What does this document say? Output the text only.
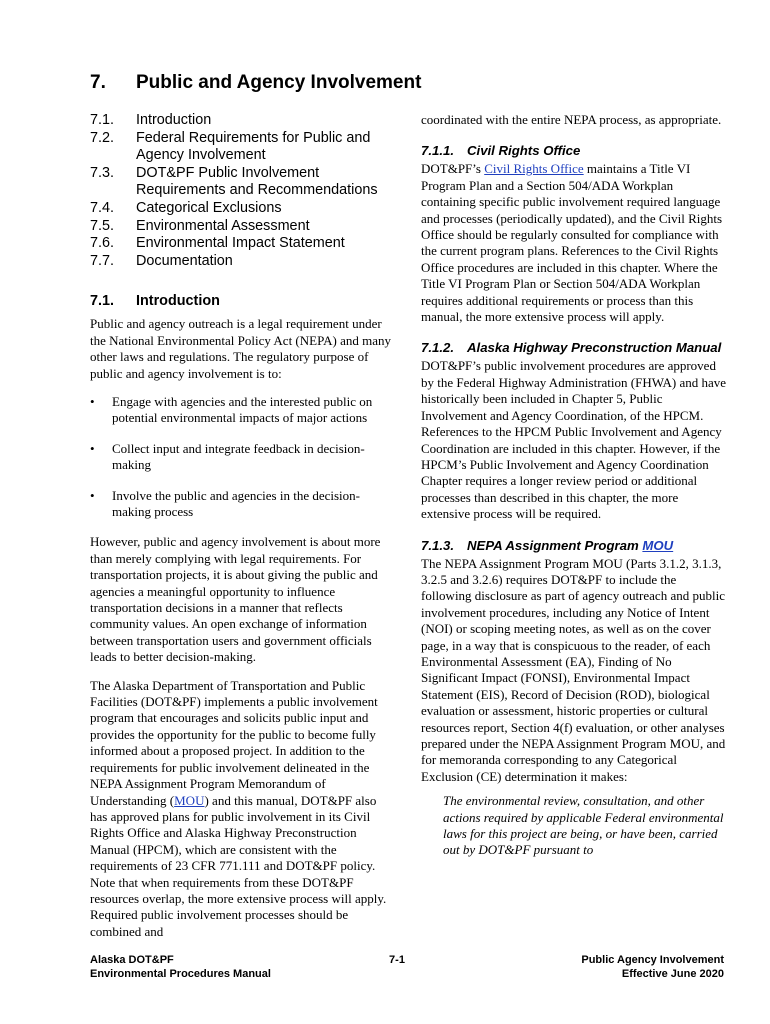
7. Public and Agency Involvement
7.1. Introduction
7.2. Federal Requirements for Public and Agency Involvement
7.3. DOT&PF Public Involvement Requirements and Recommendations
7.4. Categorical Exclusions
7.5. Environmental Assessment
7.6. Environmental Impact Statement
7.7. Documentation
7.1. Introduction

Public and agency outreach is a legal requirement under the National Environmental Policy Act (NEPA) and many other laws and regulations. The regulatory purpose of public and agency involvement is to:

• Engage with agencies and the interested public on potential environmental impacts of major actions
• Collect input and integrate feedback in decision-making
• Involve the public and agencies in the decision-making process

However, public and agency involvement is about more than merely complying with legal requirements. For transportation projects, it is about giving the public and agencies a meaningful opportunity to influence transportation decisions in a manner that reflects community values. An open exchange of information between transportation users and government officials leads to better decision-making.

The Alaska Department of Transportation and Public Facilities (DOT&PF) implements a public involvement program that encourages and solicits public input and provides the opportunity for the public to become fully informed about a proposed project. In addition to the requirements for public involvement delineated in the NEPA Assignment Program Memorandum of Understanding (MOU) and this manual, DOT&PF also has approved plans for public involvement in its Civil Rights Office and Alaska Highway Preconstruction Manual (HPCM), which are consistent with the requirements of 23 CFR 771.111 and DOT&PF policy. Note that when requirements from these DOT&PF resources overlap, the more extensive process will apply. Required public involvement processes should be combined and

coordinated with the entire NEPA process, as appropriate.

7.1.1. Civil Rights Office

DOT&PF’s Civil Rights Office maintains a Title VI Program Plan and a Section 504/ADA Workplan containing specific public involvement required language and processes (periodically updated), and the Civil Rights Office should be regularly consulted for compliance with the current program plans. References to the Civil Rights Office procedures are included in this chapter. Where the Title VI Program Plan or Section 504/ADA Workplan requires additional requirements or process than this manual, the more extensive process will apply.

7.1.2. Alaska Highway Preconstruction Manual

DOT&PF’s public involvement procedures are approved by the Federal Highway Administration (FHWA) and have historically been included in Chapter 5, Public Involvement and Agency Coordination, of the HPCM. References to the HPCM Public Involvement and Agency Coordination are included in this chapter. However, if the HPCM’s Public Involvement and Agency Coordination Chapter requires a longer review period or additional processes than described in this chapter, the more extensive process will be required.

7.1.3. NEPA Assignment Program MOU

The NEPA Assignment Program MOU (Parts 3.1.2, 3.1.3, 3.2.5 and 3.2.6) requires DOT&PF to include the following disclosure as part of agency outreach and public involvement procedures, including any Notice of Intent (NOI) or scoping meeting notes, as well as on the cover page, in a way that is conspicuous to the reader, of each Environmental Assessment (EA), Finding of No Significant Impact (FONSI), Environmental Impact Statement (EIS), Record of Decision (ROD), biological evaluation or assessment, historic properties or cultural resources report, Section 4(f) evaluation, or other analyses prepared under the NEPA Assignment Program MOU, and for memoranda corresponding to any Categorical Exclusion (CE) determination it makes:

The environmental review, consultation, and other actions required by applicable Federal environmental laws for this project are being, or have been, carried out by DOT&PF pursuant to

Alaska DOT&PF
Environmental Procedures Manual
7-1	Public Agency Involvement
Effective June 2020
